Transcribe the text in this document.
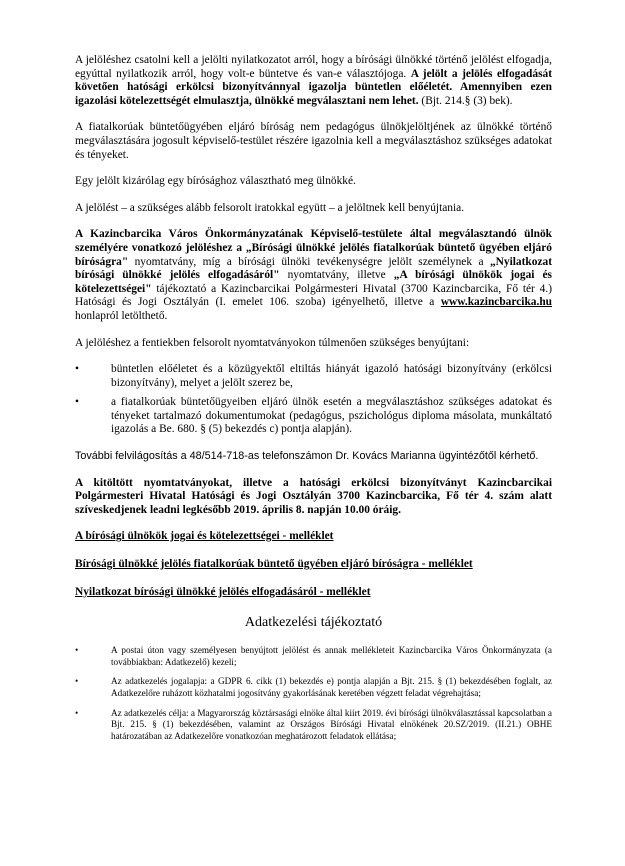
A jelöléshez csatolni kell a jelölti nyilatkozatot arról, hogy a bírósági ülnökké történő jelölést elfogadja, egyúttal nyilatkozik arról, hogy volt-e büntetve és van-e választójoga. A jelölt a jelölés elfogadását követően hatósági erkölcsi bizonyítvánnyal igazolja büntetlen előéletét. Amennyiben ezen igazolási kötelezettségét elmulasztja, ülnökké megválasztani nem lehet. (Bjt. 214.§ (3) bek).

A fiatalkorúak büntetőügyében eljáró bíróság nem pedagógus ülnökjelöltjének az ülnökké történő megválasztására jogosult képviselő-testület részére igazolnia kell a megválasztáshoz szükséges adatokat és tényeket.

Egy jelölt kizárólag egy bírósághoz választható meg ülnökké.

A jelölést – a szükséges alább felsorolt iratokkal együtt – a jelöltnek kell benyújtania.

A Kazincbarcika Város Önkormányzatának Képviselő-testülete által megválasztandó ülnök személyére vonatkozó jelöléshez a „Bírósági ülnökké jelölés fiatalkorúak büntető ügyében eljáró bíróságra" nyomtatvány, míg a bírósági ülnöki tevékenységre jelölt személynek a „Nyilatkozat bírósági ülnökké jelölés elfogadásáról" nyomtatvány, illetve „A bírósági ülnökök jogai és kötelezettségei" tájékoztató a Kazincbarcikai Polgármesteri Hivatal (3700 Kazincbarcika, Fő tér 4.) Hatósági és Jogi Osztályán (I. emelet 106. szoba) igényelhető, illetve a www.kazincbarcika.hu honlapról letölthető.

A jelöléshez a fentiekben felsorolt nyomtatványokon túlmenően szükséges benyújtani:

•	büntetlen előéletet és a közügyektől eltiltás hiányát igazoló hatósági bizonyítvány (erkölcsi bizonyítvány), melyet a jelölt szerez be,
•	a fiatalkorúak büntetőügyeiben eljáró ülnök esetén a megválasztáshoz szükséges adatokat és tényeket tartalmazó dokumentumokat (pedagógus, pszichológus diploma másolata, munkáltató igazolás a Be. 680. § (5) bekezdés c) pontja alapján).

További felvilágosítás a 48/514-718-as telefonszámon Dr. Kovács Marianna ügyintézőtől kérhető.

A kitöltött nyomtatványokat, illetve a hatósági erkölcsi bizonyítványt Kazincbarcikai Polgármesteri Hivatal Hatósági és Jogi Osztályán 3700 Kazincbarcika, Fő tér 4. szám alatt szíveskedjenek leadni legkésőbb 2019. április 8. napján 10.00 óráig.

A bírósági ülnökök jogai és kötelezettségei - melléklet
Bírósági ülnökké jelölés fiatalkorúak büntető ügyében eljáró bíróságra - melléklet
Nyilatkozat bírósági ülnökké jelölés elfogadásáról - melléklet
Adatkezelési tájékoztató
•	A postai úton vagy személyesen benyújtott jelölést és annak mellékleteit Kazincbarcika Város Önkormányzata (a továbbiakban: Adatkezelő) kezeli;
•	Az adatkezelés jogalapja: a GDPR 6. cikk (1) bekezdés e) pontja alapján a Bjt. 215. § (1) bekezdésében foglalt, az Adatkezelőre ruházott közhatalmi jogosítvány gyakorlásának keretében végzett feladat végrehajtása;
•	Az adatkezelés célja: a Magyarország köztársasági elnöke által kiírt 2019. évi bírósági ülnökválasztással kapcsolatban a Bjt. 215. § (1) bekezdésében, valamint az Országos Bírósági Hivatal elnökének 20.SZ/2019. (II.21.) OBHE határozatában az Adatkezelőre vonatkozóan meghatározott feladatok ellátása;
